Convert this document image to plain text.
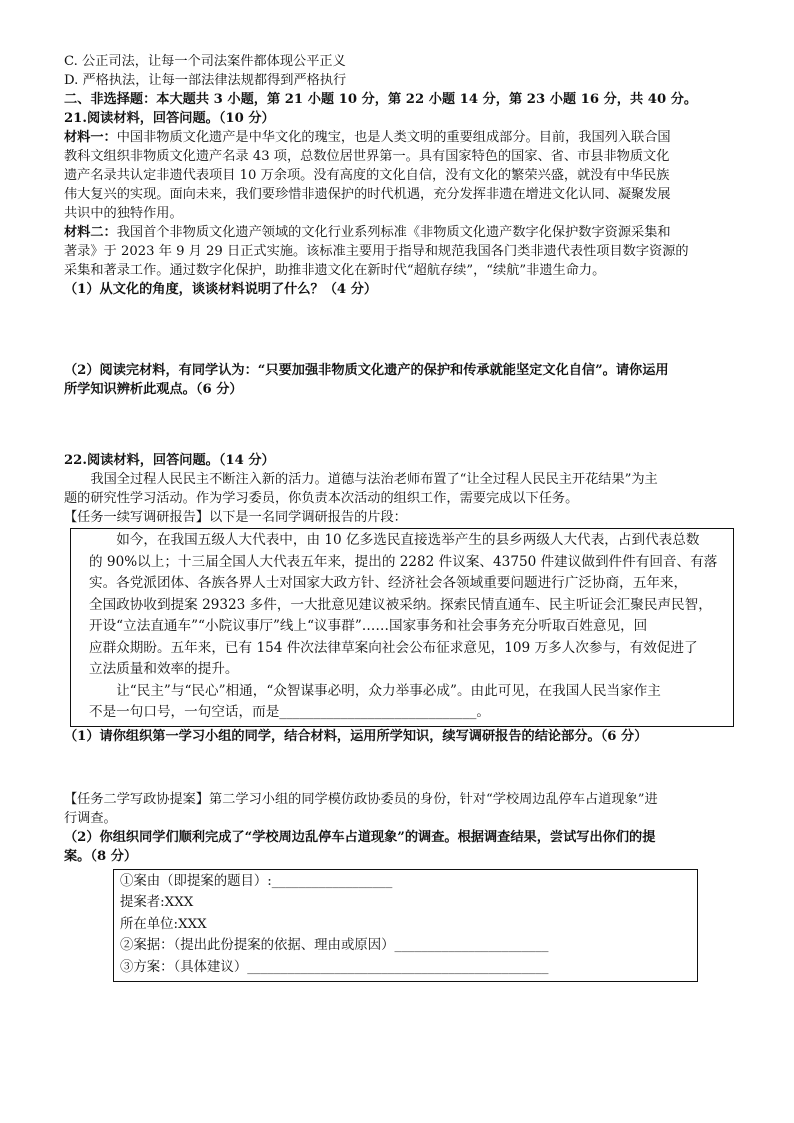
C. 公正司法，让每一个司法案件都体现公平正义
D. 严格执法，让每一部法律法规都得到严格执行
二、非选择题：本大题共 3 小题，第 21 小题 10 分，第 22 小题 14 分，第 23 小题 16 分，共 40 分。
21.阅读材料，回答问题。（10 分）
材料一：中国非物质文化遗产是中华文化的瑰宝，也是人类文明的重要组成部分。目前，我国列入联合国
教科文组织非物质文化遗产名录 43 项，总数位居世界第一。具有国家特色的国家、省、市县非物质文化
遗产名录共认定非遗代表项目 10 万余项。没有高度的文化自信，没有文化的繁荣兴盛，就没有中华民族
伟大复兴的实现。面向未来，我们要珍惜非遗保护的时代机遇，充分发挥非遗在增进文化认同、凝聚发展
共识中的独特作用。
材料二：我国首个非物质文化遗产领域的文化行业系列标准《非物质文化遗产数字化保护数字资源采集和
著录》于 2023 年 9 月 29 日正式实施。该标准主要用于指导和规范我国各门类非遗代表性项目数字资源的
采集和著录工作。通过数字化保护，助推非遗文化在新时代“超航存续”，“续航”非遗生命力。
（1）从文化的角度，谈谈材料说明了什么？（4 分）
（2）阅读完材料，有同学认为：“只要加强非物质文化遗产的保护和传承就能坚定文化自信”。请你运用
所学知识辨析此观点。（6 分）
22.阅读材料，回答问题。（14 分）
我国全过程人民民主不断注入新的活力。道德与法治老师布置了“让全过程人民民主开花结果”为主
题的研究性学习活动。作为学习委员，你负责本次活动的组织工作，需要完成以下任务。
【任务一续写调研报告】以下是一名同学调研报告的片段：
如今，在我国五级人大代表中，由 10 亿多选民直接选举产生的县乡两级人大代表，占到代表总数
的 90%以上；十三届全国人大代表五年来，提出的 2282 件议案、43750 件建议做到件件有回音、有落
实。各党派团体、各族各界人士对国家大政方针、经济社会各领域重要问题进行广泛协商，五年来，
全国政协收到提案 29323 多件，一大批意见建议被采纳。探索民情直通车、民主听证会汇聚民声民智，
开设“立法直通车”“小院议事厅”线上“议事群”……国家事务和社会事务充分听取百姓意见，回
应群众期盼。五年来，已有 154 件次法律草案向社会公布征求意见，109 万多人次参与，有效促进了
立法质量和效率的提升。
让“民主”与“民心”相通，“众智谋事必明，众力举事必成”。由此可见，在我国人民当家作主
不是一句口号，一句空话，而是_____________________________。
（1）请你组织第一学习小组的同学，结合材料，运用所学知识，续写调研报告的结论部分。（6 分）
【任务二学写政协提案】第二学习小组的同学模仿政协委员的身份，针对“学校周边乱停车占道现象”进
行调查。
（2）你组织同学们顺利完成了“学校周边乱停车占道现象”的调查。根据调查结果，尝试写出你们的提
案。（8 分）
①案由（即提案的题目）:__________________
提案者:XXX
所在单位:XXX
②案据：（提出此份提案的依据、理由或原因）_______________________
③方案：（具体建议）_____________________________________________
